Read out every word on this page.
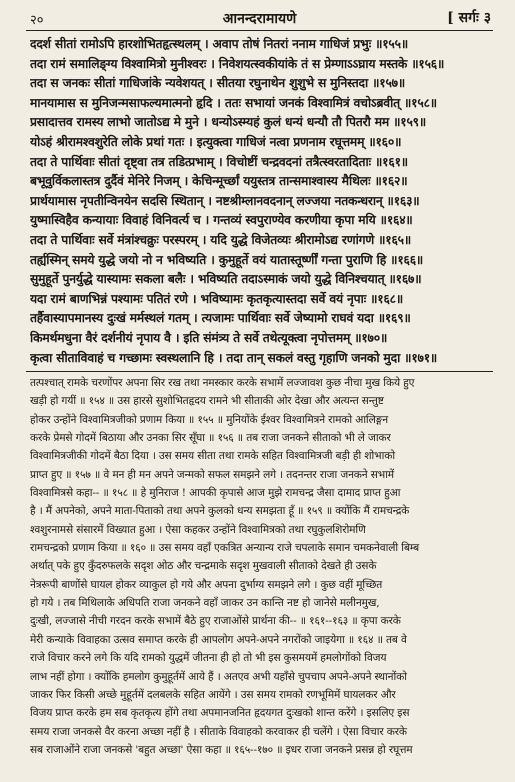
२०	आनन्दरामायणे	[ सर्गः ३
ददर्श सीतां रामोऽपि हारशोभितहृत्स्थलम् । अवाप तोषं नितरां ननाम गाधिजं प्रभुः ॥१५५॥
तदा रामं समालिङ्ग्य विश्वामित्रो मुनीश्वरः । निवेशयत्स्वकीयांके तं स प्रेम्णाऽऽघ्राय मस्तके ॥१५६॥
तदा स जनकः सीतां गाधिजांके न्यवेशयत् । सीतया रघुनाथेन शुशुभे स मुनिस्तदा ॥१५७॥
मानयामास स मुनिजन्मसाफल्यमात्मनो हृदि । ततः सभायां जनकं विश्वामित्रं वचोऽब्रवीत् ॥१५८॥
प्रसादात्तव रामस्य लाभो जातोऽद्य मे मुने । धन्योऽस्म्यहं कुलं धन्यं धन्यौ तौ पितरौ मम ॥१५९॥
योऽहं श्रीरामश्वशुरेति लोके प्रथां गतः । इत्युक्त्वा गाधिजं नत्वा प्रणनाम रघूत्तमम् ॥१६०॥
तदा ते पार्थिवाः सीतां दृष्ट्वा तत्र तडित्प्रभाम् । विचोष्टीं चन्द्रवदनां तत्रैत्स्वरतादिताः ॥१६१॥
बभूवुर्विकलास्तत्र दुर्दैवं मेनिरे निजम् । केचिन्मूर्च्छां ययुस्तत्र तान्समाश्वास्य मैथिलः ॥१६२॥
प्रार्थयामास नृपतीन्विनयेन सदसि स्थितान् । नष्टश्रीम्लानवदनान् लज्जया नतकन्धरान् ॥१६३॥
युष्मास्विहैव कन्यायाः विवाहं विनिवर्त्य च । गन्तव्यं स्वपुराण्येव करणीया कृपा मयि ॥१६४॥
तदा ते पार्थिवाः सर्वे मंत्रांश्चक्रुः परस्परम् । यदि युद्धे विजेतव्यः श्रीरामोऽद्य रणांगणे ॥१६५॥
तर्ह्यस्मिन् समये युद्धे जयो नो न भविष्यति । कुमुहूर्ते वयं यातास्तूर्ष्णीं गन्ता पुराणि हि ॥१६६॥
सुमुहूर्ते पुनर्युद्धे यास्यामः सकला बलैः । भविष्यति तदाऽस्माकं जयो युद्धे विनिश्चयात् ॥१६७॥
यदा रामं बाणभिन्नं पश्यामः पतितं रणे । भविष्यामः कृतकृत्यास्तदा सर्वे वयं नृपाः ॥१६८॥
तर्हैवास्यापमानस्य दुःखं मर्मस्थलं गतम् । त्यजामः पार्थिवाः सर्वे जेष्यामो राघवं यदा ॥१६९॥
किमर्थमधुना वैरं दर्शनीयं नृपाय वै । इति संमंत्र्य ते सर्वे तथेत्यूक्त्वा नृपोत्तमम् ॥१७०॥
कृत्वा सीताविवाहं च गच्छामः स्वस्थलानि हि । तदा तान् सकलं वस्तु गृहाणि जनको मुदा ॥१७१॥
तत्पश्चात् रामके चरणोंपर अपना सिर रख तथा नमस्कार करके सभामें लज्जावश कुछ नीचा मुख किये हुए
खड़ी हो गयीं ॥ १५४ ॥ उस हारसे सुशोभितहृदय रामने भी सीताकी ओर देखा और अत्यन्त सन्तुष्ट
होकर उन्होंने विश्वामित्रजीको प्रणाम किया ॥ १५५ ॥ मुनियोंके ईश्वर विश्वामित्रने रामको आलिङ्गन
करके प्रेमसे गोदमें बिठाया और उनका सिर सूँघा ॥ १५६ ॥ तब राजा जनकने सीताको भी ले जाकर
विश्वामित्रजीकी गोदमें बैठा दिया । उस समय सीता तथा रामके सहित विश्वामित्रजी बड़ी ही शोभाको
प्राप्त हुए ॥ १५७ ॥ वे मन ही मन अपने जन्मको सफल समझने लगे । तदनन्तर राजा जनकने सभामें
विश्वामित्रसे कहा-- ॥ १५८ ॥ हे मुनिराज ! आपकी कृपासे आज मुझे रामचन्द्र जैसा दामाद प्राप्त हुआ
है । मैं अपनेको, अपने माता-पिताको तथा अपने कुलको धन्य समझता हूँ ॥ १५९ ॥ क्योंकि मैं रामचन्द्रके
श्वशुरनामसे संसारमें विख्यात हुआ । ऐसा कहकर उन्होंने विश्वामित्रको तथा रघुकुलशिरोमणि
रामचन्द्रको प्रणाम किया ॥ १६० ॥ उस समय वहाँ एकत्रित अन्यान्य राजे चपलाके समान चमकनेवाली बिम्ब
अर्थात् पके हुए कुँदरुफलके सदृश ओठ और चन्द्रमाके सदृश मुखवाली सीताको देखते ही उसके
नेत्ररूपी बाणोंसे घायल होकर व्याकुल हो गये और अपना दुर्भाग्य समझने लगे । कुछ वहीं मूच्छित
हो गये । तब मिथिलाके अधिपति राजा जनकने वहाँ जाकर उन कान्ति नष्ट हो जानेसे मलीनमुख,
दुःखी, लज्जासे नीची गरदन करके सभामें बैठे हुए राजाओंसे प्रार्थना की-- ॥ १६१--१६३ ॥ कृपा करके
मेरी कन्याके विवाहका उत्सव समाप्त करके ही आपलोग अपने-अपने नगरोंको जाइयेगा ॥ १६४ ॥ तब वे
राजे विचार करने लगे कि यदि रामको युद्धमें जीतना ही हो तो भी इस कुसमयमें हमलोगोंको विजय
लाभ नहीं होगा । क्योंकि हमलोग कुमुहूर्तमें आये हैं । अतएव अभी यहाँसे चुपचाप अपने-अपने स्थानोंको
जाकर फिर किसी अच्छे मुहूर्तमें दलबलके सहित आयेंगे । उस समय रामको रणभूमिमें घायलकर और
विजय प्राप्त करके हम सब कृतकृत्य होंगे तथा अपमानजनित हृदयगत दुःखको शान्त करेंगे । इसलिए इस
समय राजा जनकसे वैर करना अच्छा नहीं है । सीताके विवाहको करवाकर ही चलेंगे । ऐसा विचार करके
सब राजाओंने राजा जनकसे 'बहुत अच्छा' ऐसा कहा ॥ १६५--१७० ॥ इधर राजा जनकने प्रसन्न हो रघूत्तम
